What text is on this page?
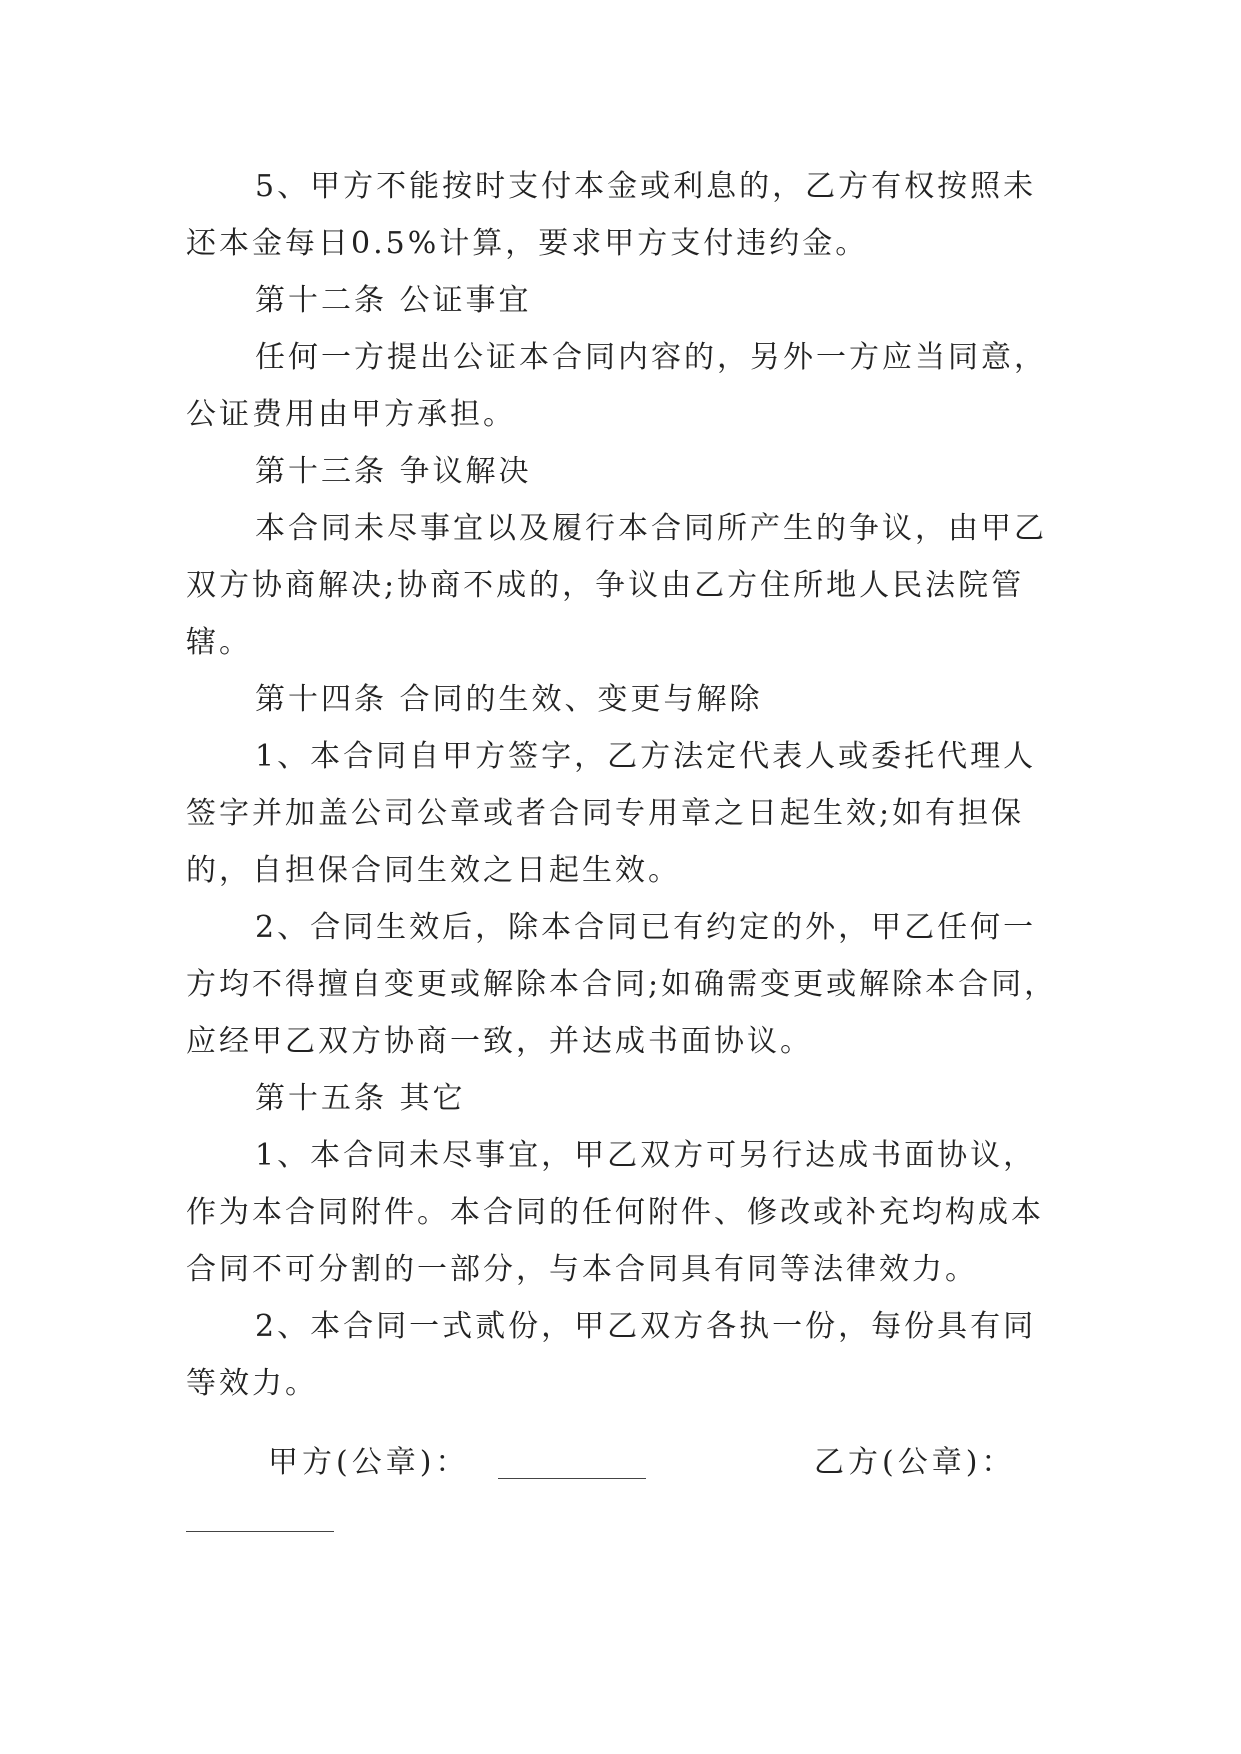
5、甲方不能按时支付本金或利息的，乙方有权按照未
还本金每日0.5%计算，要求甲方支付违约金。
第十二条 公证事宜
任何一方提出公证本合同内容的，另外一方应当同意，
公证费用由甲方承担。
第十三条 争议解决
本合同未尽事宜以及履行本合同所产生的争议，由甲乙
双方协商解决;协商不成的，争议由乙方住所地人民法院管
辖。
第十四条 合同的生效、变更与解除
1、本合同自甲方签字，乙方法定代表人或委托代理人
签字并加盖公司公章或者合同专用章之日起生效;如有担保
的，自担保合同生效之日起生效。
2、合同生效后，除本合同已有约定的外，甲乙任何一
方均不得擅自变更或解除本合同;如确需变更或解除本合同，
应经甲乙双方协商一致，并达成书面协议。
第十五条 其它
1、本合同未尽事宜，甲乙双方可另行达成书面协议，
作为本合同附件。本合同的任何附件、修改或补充均构成本
合同不可分割的一部分，与本合同具有同等法律效力。
2、本合同一式贰份，甲乙双方各执一份，每份具有同
等效力。
甲方(公章)：	乙方(公章)：
